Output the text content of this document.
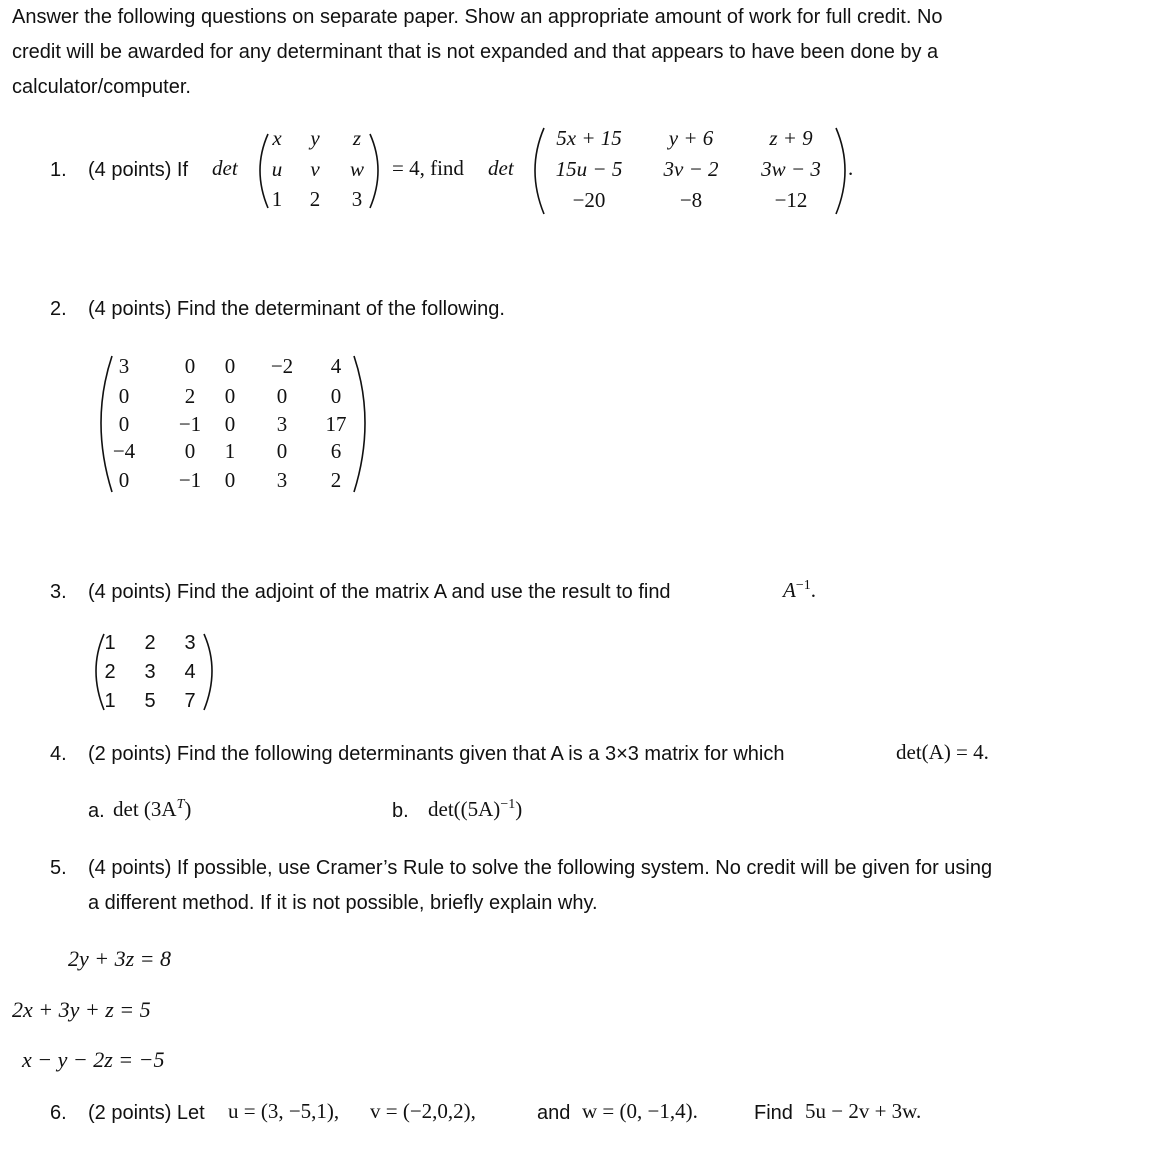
Answer the following questions on separate paper. Show an appropriate amount of work for full credit. No
credit will be awarded for any determinant that is not expanded and that appears to have been done by a
calculator/computer.
1. (4 points) If det
x	y	z
u	v	w
1 2 3
= 4, find det
5x + 15	y + 6	z + 9
15u − 5	3v − 2	3w − 3
−20	−8	−12
.
2. (4 points) Find the determinant of the following.
3	0	0	−2	4
0	2	0	0	0
0	−1	0	3	17
−4	0	1	0	6
0	−1	0	3	2
3. (4 points) Find the adjoint of the matrix A and use the result to find	$A^{-1}$.
1 2 3
2 3 4
1 5 7
4. (2 points) Find the following determinants given that A is a 3×3 matrix for which	det(A) = 4.
a. $\det (3A^T)$	b. $\det((5A)^{-1})$
5. (4 points) If possible, use Cramer’s Rule to solve the following system. No credit will be given for using
a different method. If it is not possible, briefly explain why.
2y + 3z = 8
2x + 3y + z = 5
x − y − 2z = −5
6. (2 points) Let u = (3, −5,1), v = (−2,0,2),	and w = (0, −1,4).	Find 5u − 2v + 3w.
